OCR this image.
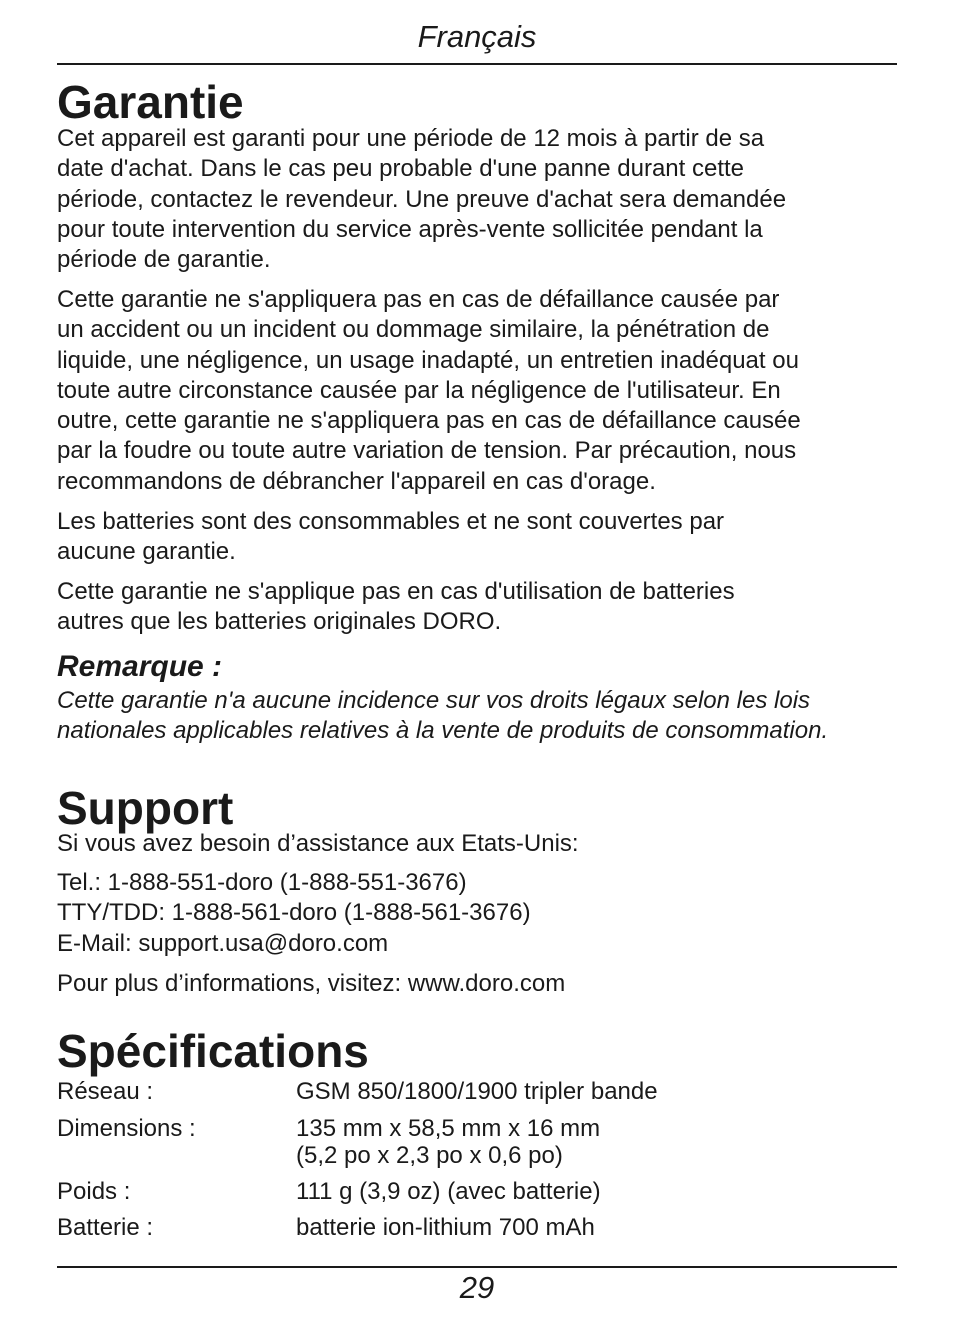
Français
Garantie

Cet appareil est garanti pour une période de 12 mois à partir de sa
date d'achat. Dans le cas peu probable d'une panne durant cette
période, contactez le revendeur. Une preuve d'achat sera demandée
pour toute intervention du service après-vente sollicitée pendant la
période de garantie.

Cette garantie ne s'appliquera pas en cas de défaillance causée par
un accident ou un incident ou dommage similaire, la pénétration de
liquide, une négligence, un usage inadapté, un entretien inadéquat ou
toute autre circonstance causée par la négligence de l'utilisateur. En
outre, cette garantie ne s'appliquera pas en cas de défaillance causée
par la foudre ou toute autre variation de tension. Par précaution, nous
recommandons de débrancher l'appareil en cas d'orage.

Les batteries sont des consommables et ne sont couvertes par
aucune garantie.

Cette garantie ne s'applique pas en cas d'utilisation de batteries
autres que les batteries originales DORO.

Remarque :

Cette garantie n'a aucune incidence sur vos droits légaux selon les lois
nationales applicables relatives à la vente de produits de consommation.

Support

Si vous avez besoin d’assistance aux Etats-Unis:

Tel.: 1-888-551-doro (1-888-551-3676)
TTY/TDD: 1-888-561-doro (1-888-561-3676)
E-Mail: support.usa@doro.com

Pour plus d’informations, visitez: www.doro.com

Spécifications
Réseau :	GSM 850/1800/1900 tripler bande
Dimensions :	135 mm x 58,5 mm x 16 mm
(5,2 po x 2,3 po x 0,6 po)
Poids :	111 g (3,9 oz) (avec batterie)
Batterie :	batterie ion-lithium 700 mAh
29
